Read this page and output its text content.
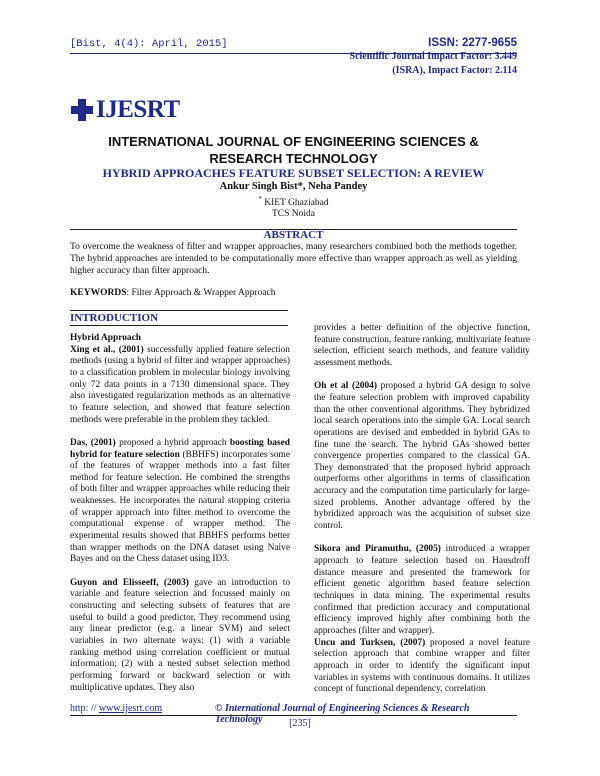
[Bist, 4(4): April, 2015]	ISSN: 2277-9655
Scientific Journal Impact Factor: 3.449
(ISRA), Impact Factor: 2.114
IJESRT
INTERNATIONAL JOURNAL OF ENGINEERING SCIENCES & RESEARCH TECHNOLOGY
HYBRID APPROACHES FEATURE SUBSET SELECTION: A REVIEW
Ankur Singh Bist*, Neha Pandey
* KIET Ghaziabad
TCS Noida
ABSTRACT
To overcome the weakness of filter and wrapper approaches, many researchers combined both the methods together. The hybrid approaches are intended to be computationally more effective than wrapper approach as well as yielding higher accuracy than filter approach.
KEYWORDS: Filter Approach & Wrapper Approach
INTRODUCTION

Hybrid Approach

Xing et al., (2001) successfully applied feature selection methods (using a hybrid of filter and wrapper approaches) to a classification problem in molecular biology involving only 72 data points in a 7130 dimensional space. They also investigated regularization methods as an alternative to feature selection, and showed that feature selection methods were preferable in the problem they tackled.

Das, (2001) proposed a hybrid approach boosting based hybrid for feature selection (BBHFS) incorporates some of the features of wrapper methods into a fast filter method for feature selection. He combined the strengths of both filter and wrapper approaches while reducing their weaknesses. He incorporates the natural stopping criteria of wrapper approach into filter method to overcome the computational expense of wrapper method. The experimental results showed that BBHFS performs better than wrapper methods on the DNA dataset using Naive Bayes and on the Chess dataset using ID3.

Guyon and Elisseeff, (2003) gave an introduction to variable and feature selection and focussed mainly on constructing and selecting subsets of features that are useful to build a good predictor. They recommend using any linear predictor (e.g. a linear SVM) and select variables in two alternate ways: (1) with a variable ranking method using correlation coefficient or mutual information; (2) with a nested subset selection method performing forward or backward selection or with multiplicative updates. They also

provides a better definition of the objective function, feature construction, feature ranking, multivariate feature selection, efficient search methods, and feature validity assessment methods.

Oh et al (2004) proposed a hybrid GA design to solve the feature selection problem with improved capability than the other conventional algorithms. They hybridized local search operations into the simple GA. Local search operations are devised and embedded in hybrid GAs to fine tune the search. The hybrid GAs showed better convergence properties compared to the classical GA. They demonstrated that the proposed hybrid approach outperforms other algorithms in terms of classification accuracy and the computation time particularly for large-sized problems. Another advantage offered by the hybridized approach was the acquisition of subset size control.

Sikora and Piramuthu, (2005) introduced a wrapper approach to feature selection based on Hausdroff distance measure and presented the framework for efficient genetic algorithm based feature selection techniques in data mining. The experimental results confirmed that prediction accuracy and computational efficiency improved highly after combining both the approaches (filter and wrapper).

Uncu and Turksen, (2007) proposed a novel feature selection approach that combine wrapper and filter approach in order to identify the significant input variables in systems with continuous domains. It utilizes concept of functional dependency, correlation

http: // www.ijesrt.com	© International Journal of Engineering Sciences & Research Technology	[235]
